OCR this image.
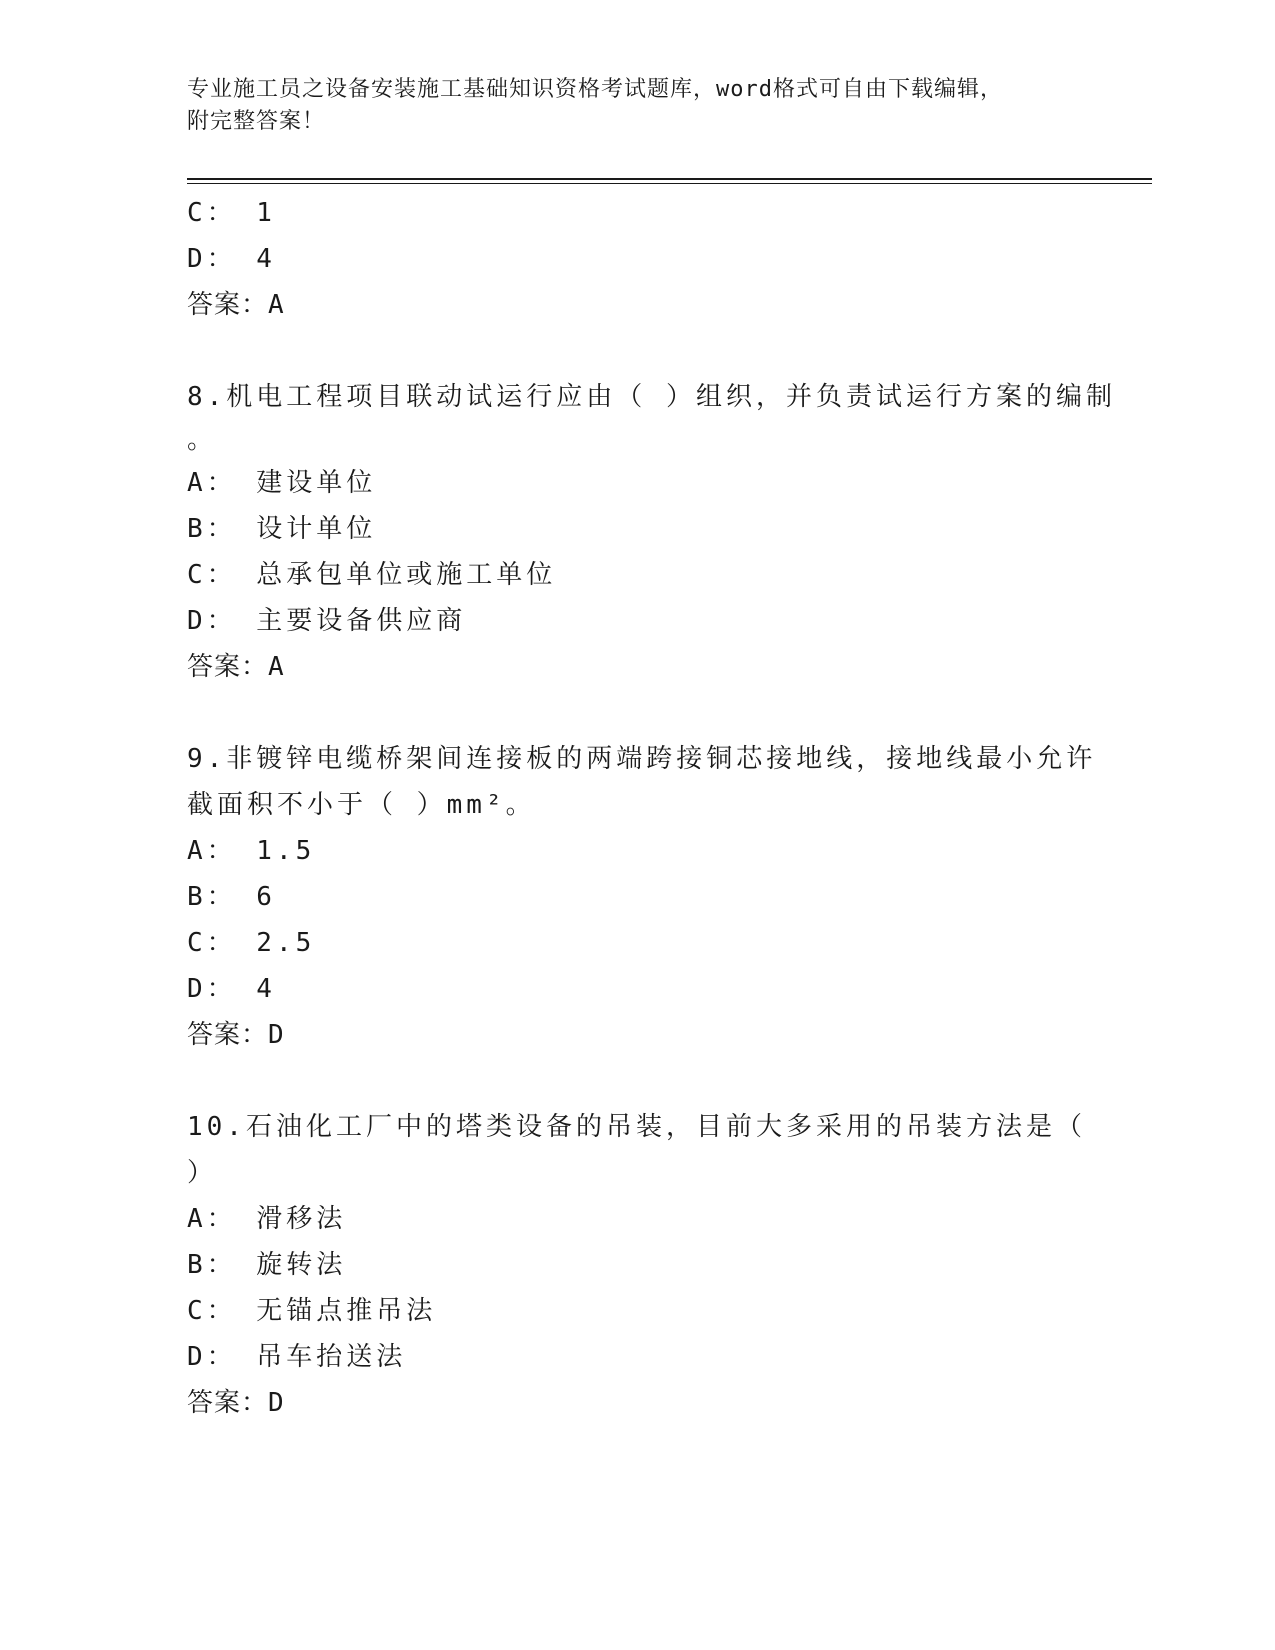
专业施工员之设备安装施工基础知识资格考试题库，word格式可自由下载编辑，
附完整答案！
C： 1
D： 4
答案：A
8.机电工程项目联动试运行应由（ ）组织，并负责试运行方案的编制
。
A： 建设单位
B： 设计单位
C： 总承包单位或施工单位
D： 主要设备供应商
答案：A
9.非镀锌电缆桥架间连接板的两端跨接铜芯接地线，接地线最小允许
截面积不小于（ ）mm²。
A： 1.5
B： 6
C： 2.5
D： 4
答案：D
10.石油化工厂中的塔类设备的吊装，目前大多采用的吊装方法是（
）
A： 滑移法
B： 旋转法
C： 无锚点推吊法
D： 吊车抬送法
答案：D
